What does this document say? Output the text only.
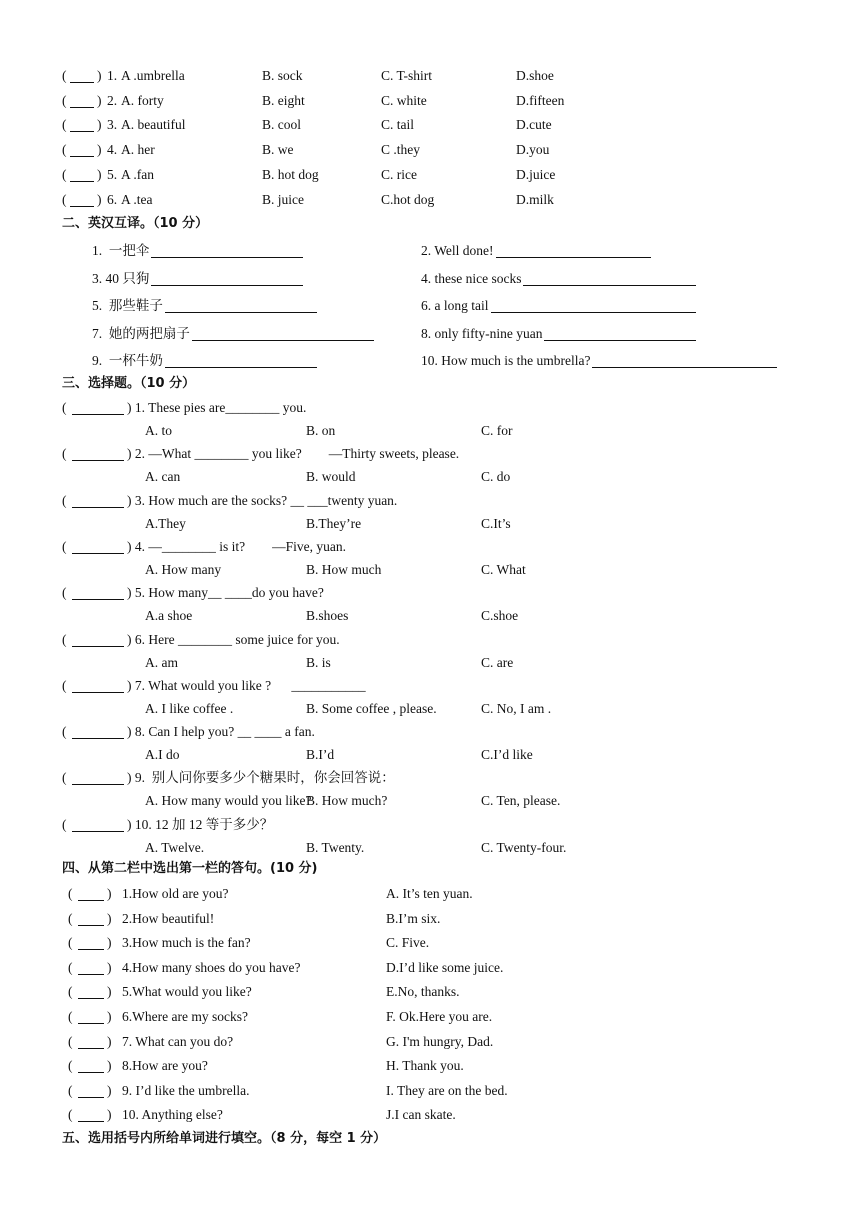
( ) 1. A .umbrella	B. sock	C. T-shirt	D.shoe
( ) 2. A. forty	B. eight	C. white	D.fifteen
( ) 3. A. beautiful	B. cool	C. tail	D.cute
( ) 4. A. her	B. we	C .they	D.you
( ) 5. A .fan	B. hot dog	C. rice	D.juice
( ) 6. A .tea	B. juice	C.hot dog	D.milk
二、英汉互译。（10 分）
1.  一把伞	2. Well done!
3. 40 只狗	4. these nice socks
5.  那些鞋子	6. a long tail
7.  她的两把扇子	8. only fifty-nine yuan
9.  一杯牛奶	10. How much is the umbrella?
三、选择题。（10 分）
(	) 1. These pies are________ you.
A. to	B. on	C. for
(	) 2. —What ________ you like?        —Thirty sweets, please.
A. can	B. would	C. do
(	) 3. How much are the socks? __ ___twenty yuan.
A.They	B.They’re	C.It’s
(	) 4. —________ is it?        —Five, yuan.
A. How many	B. How much	C. What
(	) 5. How many__ ____do you have?
A.a shoe	B.shoes	C.shoe
(	) 6. Here ________ some juice for you.
A. am	B. is	C. are
(	) 7. What would you like ?      ___________
A. I like coffee .	B. Some coffee , please.	C. No, I am .
(	) 8. Can I help you? __ ____ a fan.
A.I do	B.I’d	C.I’d like
(	) 9.  别人问你要多少个糖果时，你会回答说：
A. How many would you like?
B. How much?	C. Ten, please.
(	) 10. 12 加 12 等于多少？
A. Twelve.	B. Twenty.	C. Twenty-four.
四、从第二栏中选出第一栏的答句。(10 分)
(	) 1.How old are you?	A. It’s ten yuan.
(	) 2.How beautiful!	B.I’m six.
(	) 3.How much is the fan?	C. Five.
(	) 4.How many shoes do you have?	D.I’d like some juice.
(	) 5.What would you like?	E.No, thanks.
(	) 6.Where are my socks?	F. Ok.Here you are.
(	) 7. What can you do?	G. I'm hungry, Dad.
(	) 8.How are you?	H. Thank you.
(	) 9. I’d like the umbrella.	I. They are on the bed.
(	) 10. Anything else?	J.I can skate.
五、选用括号内所给单词进行填空。（8 分，每空 1 分）
